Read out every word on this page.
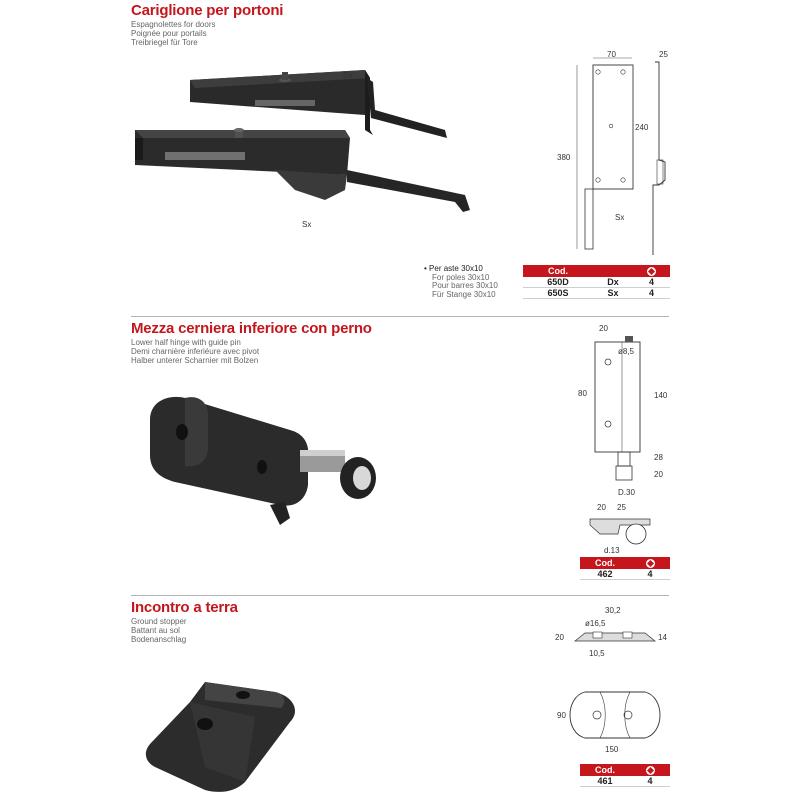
Cariglione per portoni
Espagnolettes for doors
Poignée pour portails
Treibriegel für Tore
Dx
Sx
70	25
380
240
Sx
• Per aste 30x10
For poles 30x10
Pour barres 30x10
Für Stange 30x10
Cod.		
650D	Dx	4
650S	Sx	4
Mezza cerniera inferiore con perno
Lower half hinge with guide pin
Demi charnière inferiéure avec pivot
Halber unterer Scharnier mit Bolzen
20
ø8,5
80	140
28
20
D.30
20 25
d.13
Cod.	
462	4
Incontro a terra
Ground stopper
Battant au sol
Bodenanschlag
30,2
ø16,5
20	14
10,5
90
150
Cod.	
461	4
